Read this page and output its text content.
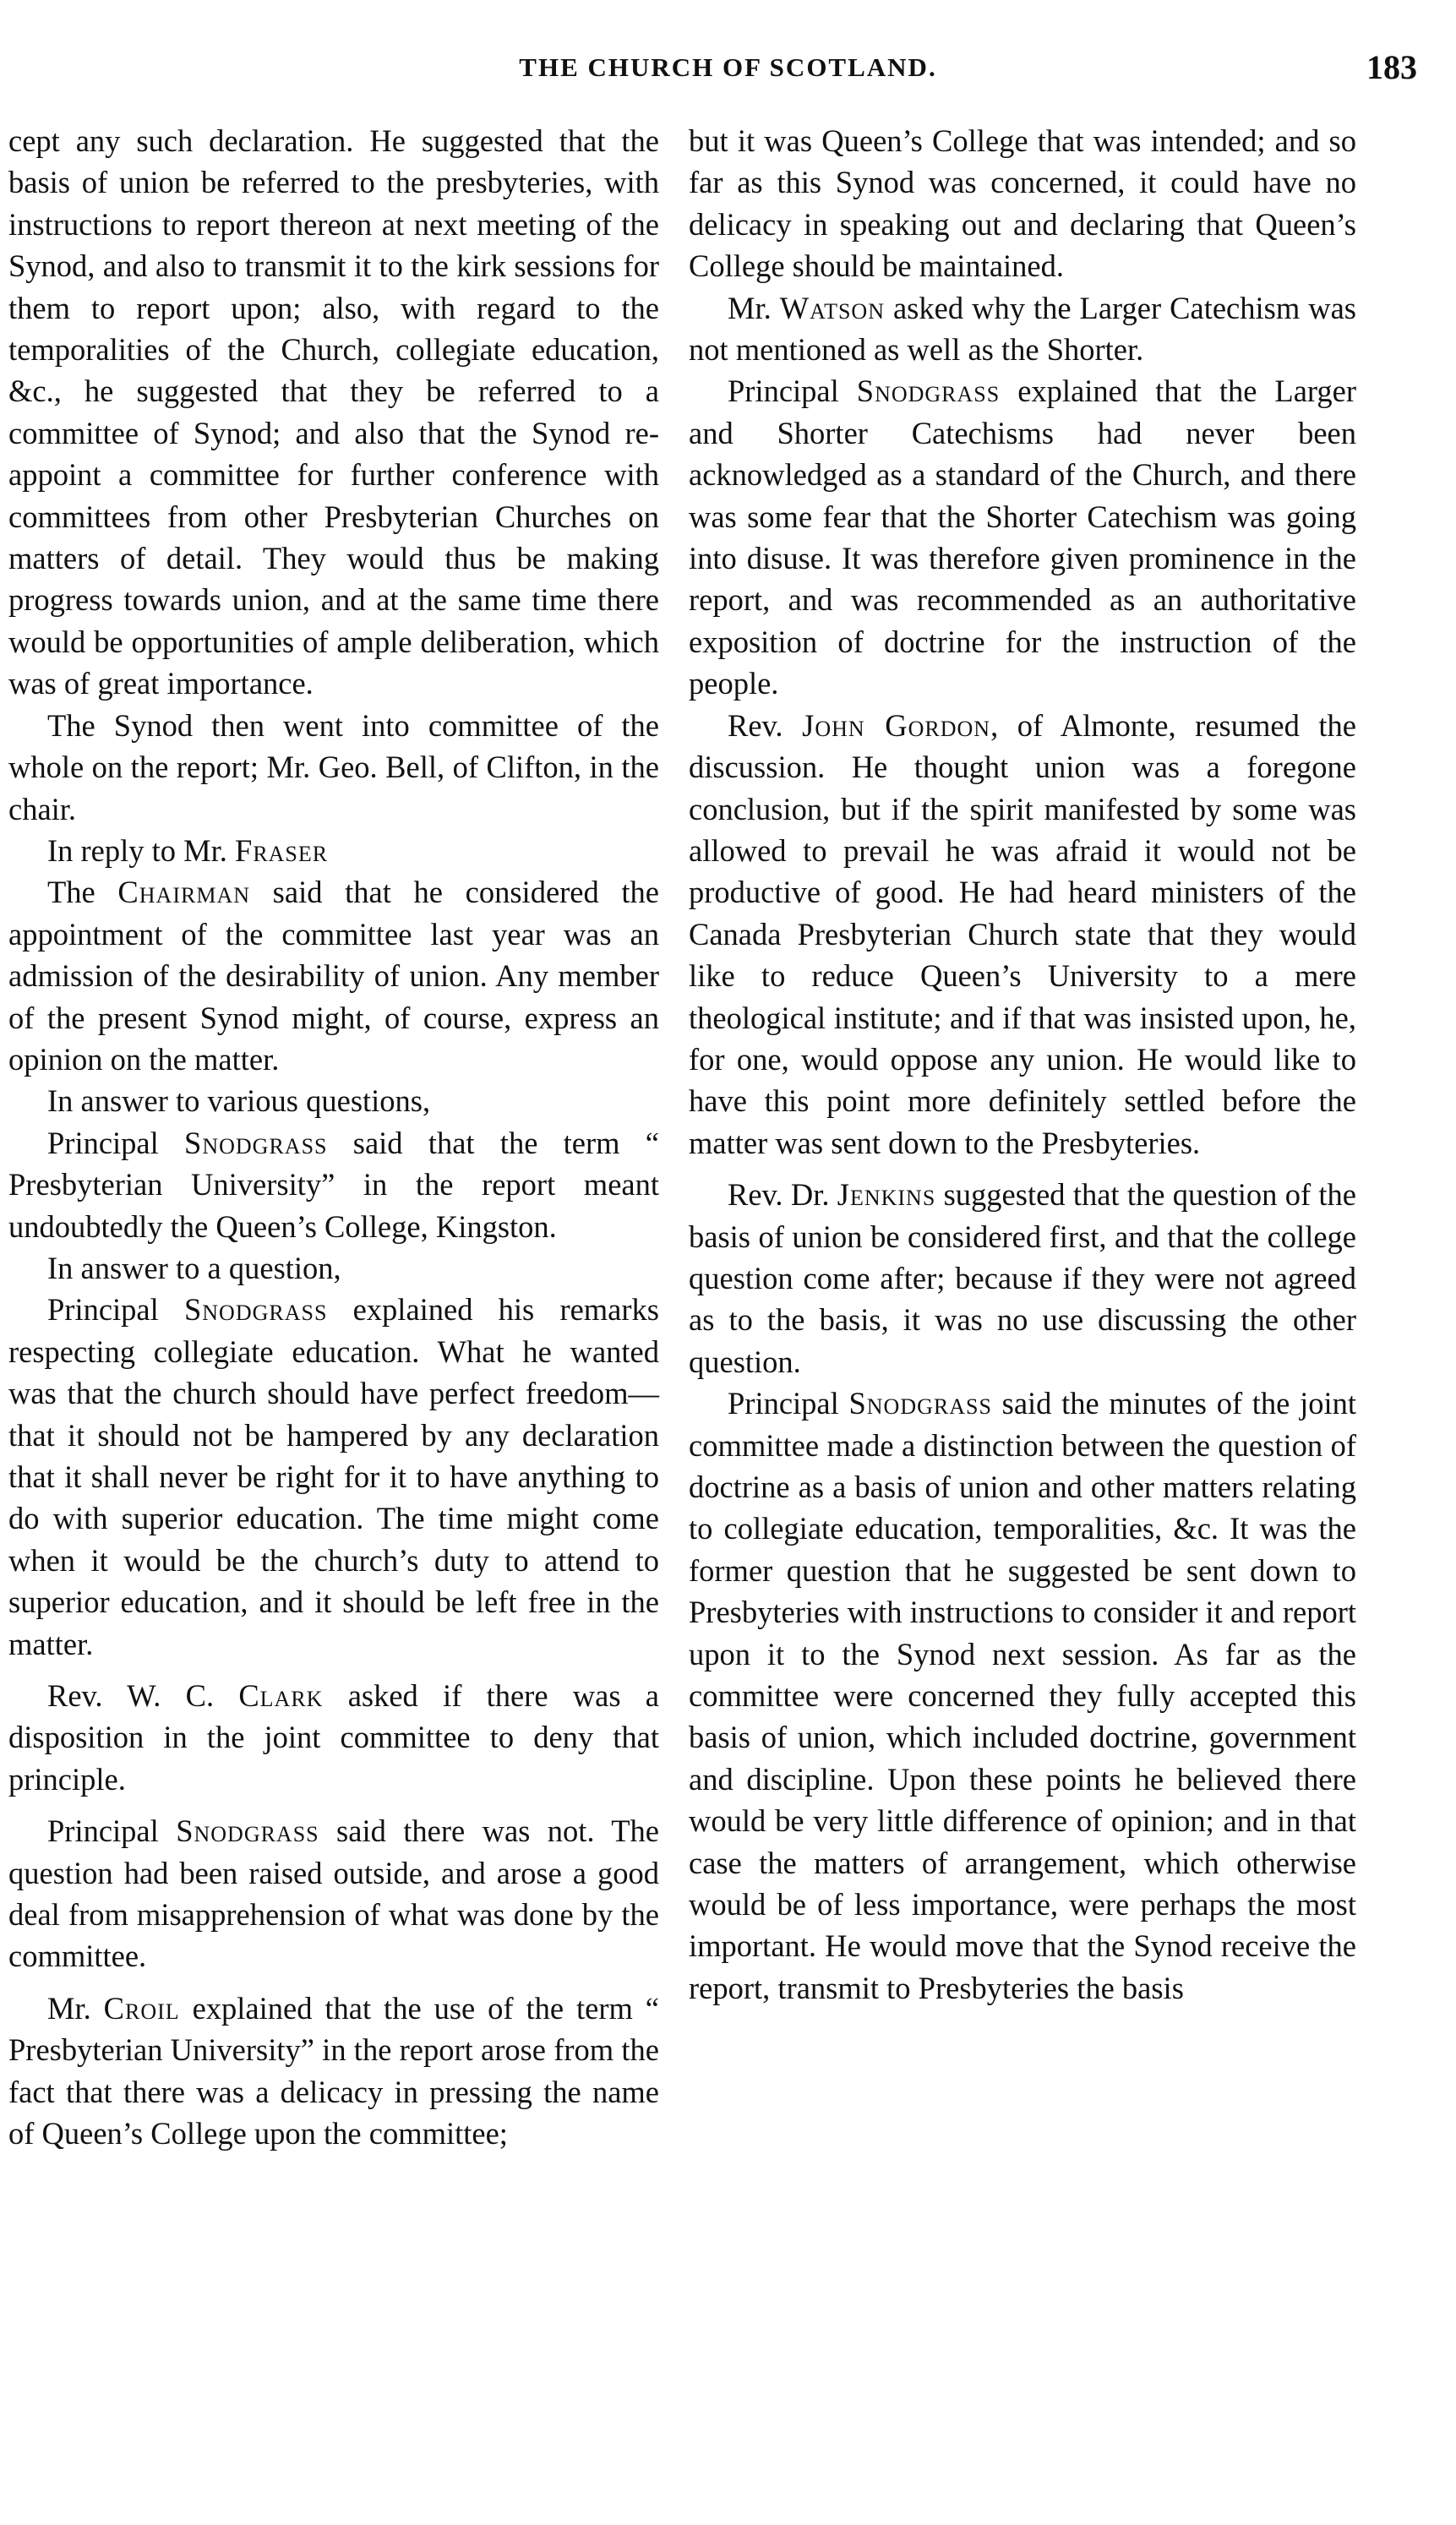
THE CHURCH OF SCOTLAND.	183

cept any such declaration. He suggested that the basis of union be referred to the presbyteries, with instructions to report thereon at next meeting of the Synod, and also to transmit it to the kirk sessions for them to report upon; also, with regard to the temporalities of the Church, collegiate education, &c., he suggested that they be referred to a committee of Synod; and also that the Synod re-appoint a committee for further conference with committees from other Presbyterian Churches on matters of detail. They would thus be making progress towards union, and at the same time there would be opportunities of ample deliberation, which was of great importance.

The Synod then went into committee of the whole on the report; Mr. Geo. Bell, of Clifton, in the chair.

In reply to Mr. Fraser

The Chairman said that he considered the appointment of the committee last year was an admission of the desirability of union. Any member of the present Synod might, of course, express an opinion on the matter.

In answer to various questions,

Principal Snodgrass said that the term “ Presbyterian University” in the report meant undoubtedly the Queen’s College, Kingston.

In answer to a question,

Principal Snodgrass explained his remarks respecting collegiate education. What he wanted was that the church should have perfect freedom—that it should not be hampered by any declaration that it shall never be right for it to have anything to do with superior education. The time might come when it would be the church’s duty to attend to superior education, and it should be left free in the matter.

Rev. W. C. Clark asked if there was a disposition in the joint committee to deny that principle.

Principal Snodgrass said there was not. The question had been raised outside, and arose a good deal from misapprehension of what was done by the committee.

Mr. Croil explained that the use of the term “ Presbyterian University” in the report arose from the fact that there was a delicacy in pressing the name of Queen’s College upon the committee;

but it was Queen’s College that was intended; and so far as this Synod was concerned, it could have no delicacy in speaking out and declaring that Queen’s College should be maintained.

Mr. Watson asked why the Larger Catechism was not mentioned as well as the Shorter.

Principal Snodgrass explained that the Larger and Shorter Catechisms had never been acknowledged as a standard of the Church, and there was some fear that the Shorter Catechism was going into disuse. It was therefore given prominence in the report, and was recommended as an authoritative exposition of doctrine for the instruction of the people.

Rev. John Gordon, of Almonte, resumed the discussion. He thought union was a foregone conclusion, but if the spirit manifested by some was allowed to prevail he was afraid it would not be productive of good. He had heard ministers of the Canada Presbyterian Church state that they would like to reduce Queen’s University to a mere theological institute; and if that was insisted upon, he, for one, would oppose any union. He would like to have this point more definitely settled before the matter was sent down to the Presbyteries.

Rev. Dr. Jenkins suggested that the question of the basis of union be considered first, and that the college question come after; because if they were not agreed as to the basis, it was no use discussing the other question.

Principal Snodgrass said the minutes of the joint committee made a distinction between the question of doctrine as a basis of union and other matters relating to collegiate education, temporalities, &c. It was the former question that he suggested be sent down to Presbyteries with instructions to consider it and report upon it to the Synod next session. As far as the committee were concerned they fully accepted this basis of union, which included doctrine, government and discipline. Upon these points he believed there would be very little difference of opinion; and in that case the matters of arrangement, which otherwise would be of less importance, were perhaps the most important. He would move that the Synod receive the report, transmit to Presbyteries the basis
